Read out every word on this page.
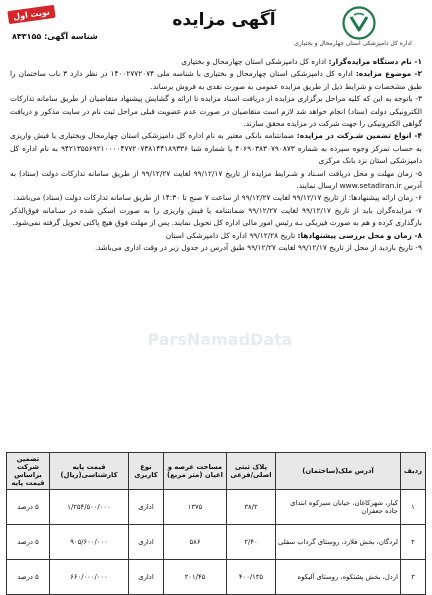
اداره کل دامپزشکی استان چهارمحال و بختیاری
آگهی مزایده
نوبت اول
شناسه آگهی: ۸۳۳۱۵۵

۱- نام دستگاه مزایده‌گزار: اداره کل دامپزشکی استان چهارمحال و بختیاری

۲- موضوع مزایده: اداره کل دامپزشکی استان چهارمحال و بختیاری با شناسه ملی ۱۴۰۰۲۷۷۲۰۷۴ در نظر دارد ۳ باب ساختمان را طبق مشخصات و شرایط ذیل از طریق مزایده عمومی به صورت نقدی به فروش برساند.

۳- باتوجه به این که کلیه مراحل برگزاری مزایده از دریافت اسناد مزایده تا ارائه و گشایش پیشنهاد متقاضیان از طریق سامانه تدارکات الکترونیکی دولت (ستاد) انجام خواهد شد لازم است متقاضیان در صورت عدم عضویت قبلی مراحل ثبت نام در سایت مذکور و دریافت گواهی الکترونیکی را جهت شرکت در مزایده محقق سازند.

۴- انواع تضمین شـرکت در مزایده: ضمانتنامه بانکی معتبر به نام اداره کل دامپزشکی استان چهارمحال وبختیاری یا فیش واریزی به حساب تمرکز وجوه سپرده به شماره ۴۰۶۹۰۳۸۳۰۷۹۰۸۷۳ یا شماره شبا ۹۴۲۱۳۵۵۶۹۲۱۰۰۰۰۴۷۷۲۰۷۳۸۱۴۴۱۸۹۳۳۶ به نام اداره کل دامپزشکی استان نزد بانک مرکزی

۵- زمان مهلت و محل دریافت اسـناد و شـرایط مزایده از تاریخ ۹۹/۱۲/۱۷ لغایت ۹۹/۱۲/۲۷ از طریق سامانه تدارکات دولت (ستاد) به آدرس www.setadiran.ir ارسال نمایند.

۶- زمان ارائه پیشنهادها: از تاریخ ۹۹/۱۲/۱۷ لغایت ۹۹/۱۲/۲۷ از ساعت ۷ صبح تا ۱۴:۳۰ از طریق سامانه تدارکات دولت (ستاد) می‌باشد.

۷- مزایده‌گران باید از تاریخ ۹۹/۱۲/۱۷ لغایت ۹۹/۱۲/۲۷ ضمانتنامه یا فیش واریزی را به صورت اسکن شده در سـامانه فوق‌الذکر بارگذاری کرده و هم به صورت فیزیکی بـه رئیس امور مالی اداره کل تحویل نمایند. پس از مهلت فوق هیچ پاکتی تحویل گرفته نمی‌شود.

۸- زمان و محل بررسی پیشنهادها: تاریخ ۹۹/۱۲/۲۸ اداره کل دامپزشکی استان

۹- تاریخ بازدید از محل از تاریخ ۹۹/۱۲/۱۷ لغایت ۹۹/۱۲/۲۷ طبق آدرس در جدول زیر در وقت اداری می‌باشد.

ParsNamadData
ردیف	آدرس ملک(ساختمان)	پلاک ثبتی اصلی/فرعی	مساحت عرصه و اعیان (متر مربع)	نوع کاربری	قیمت پایه کارشناسی(ریال)	تضمین شرکت براساس قیمت پایه
۱	کیار، شهرکاغان، خیابان سبزکوه ابتدای جاده جعفران	۳۸/۲	۱۳۷۵	اداری	۱/۲۵۴/۵۰۰/۰۰۰	۵ درصد
۲	لردگان، بخش فلارد، روستای گرداب سفلی	۲/۴۰	۵۸۶	اداری	۹۰۵/۶۰۰/۰۰۰	۵ درصد
۳	اردل، بخش پشتکوه، روستای آلیکوه	۴۰۰/۱۳۵	۲۰۱/۴۵	اداری	۶۶۰/۰۰۰/۰۰۰	۵ درصد
